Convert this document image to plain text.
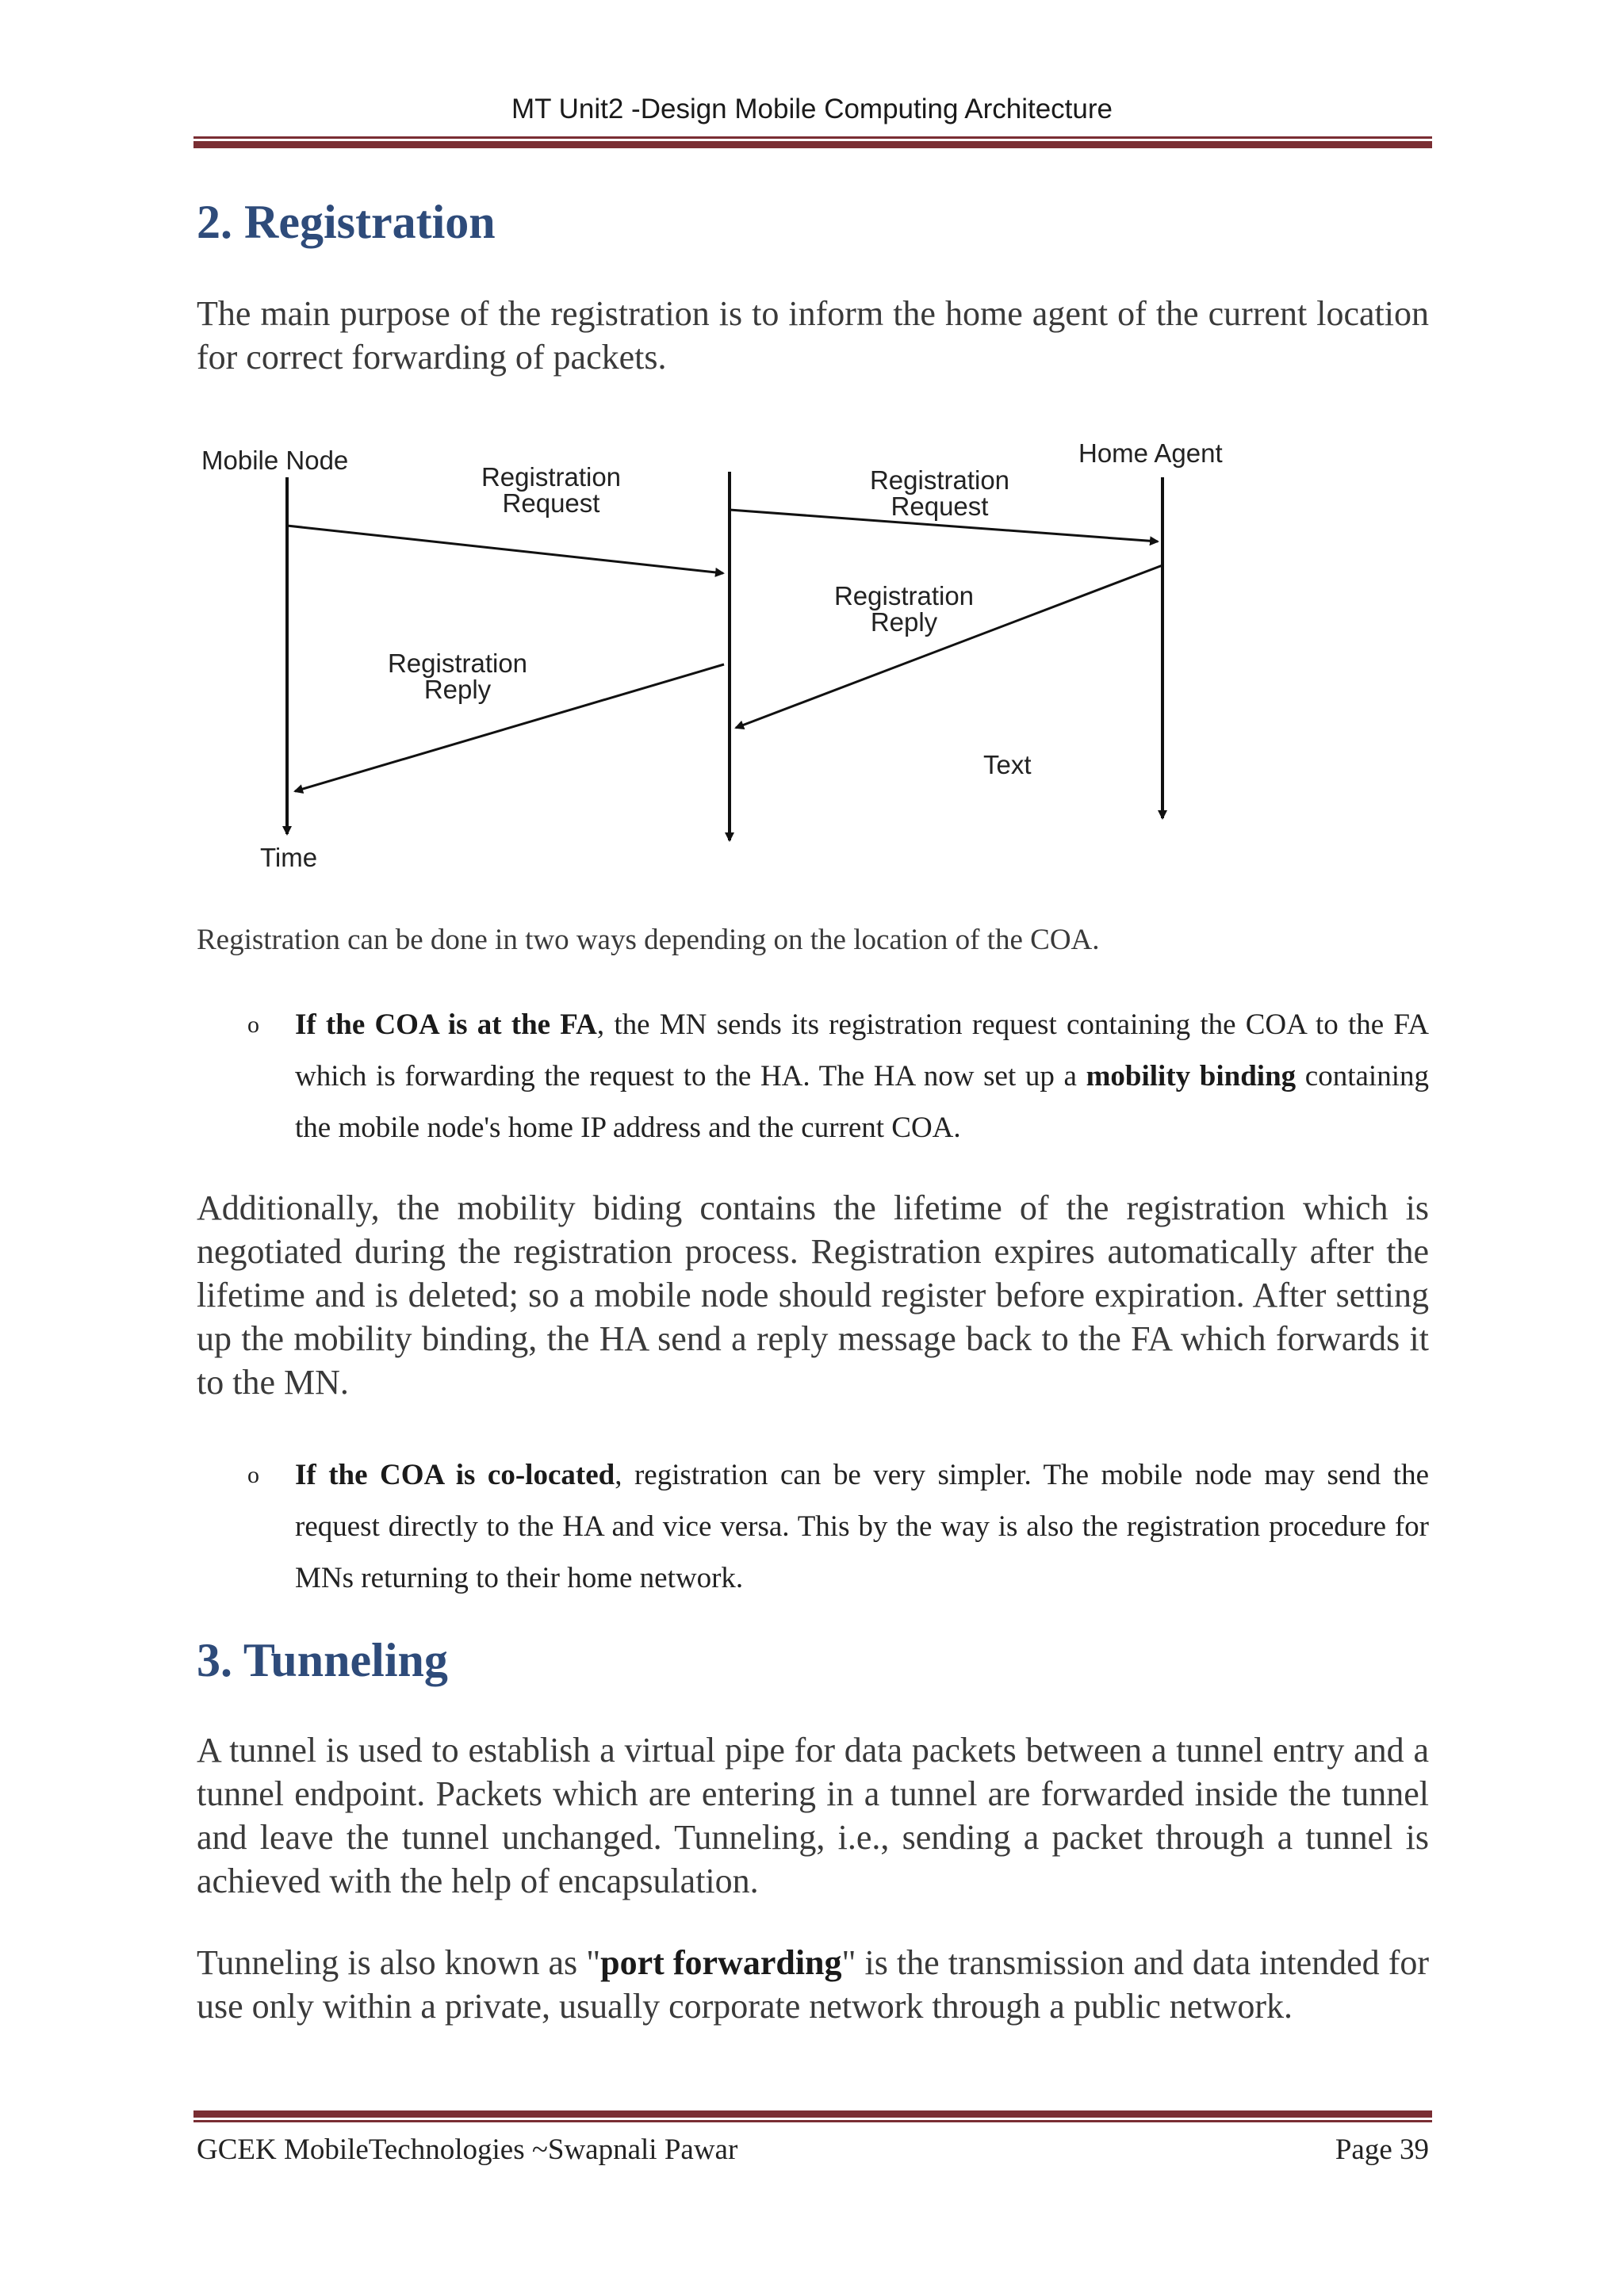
MT Unit2 -Design Mobile Computing Architecture
2. Registration

The main purpose of the registration is to inform the home agent of the current location for correct forwarding of packets.

Mobile Node	Home Agent
Registration
Request
Registration
Request
Registration
Reply
Registration
Reply
Text
Time

Registration can be done in two ways depending on the location of the COA.

o If the COA is at the FA, the MN sends its registration request containing the COA to the FA which is forwarding the request to the HA. The HA now set up a mobility binding containing the mobile node's home IP address and the current COA.

Additionally, the mobility biding contains the lifetime of the registration which is negotiated during the registration process. Registration expires automatically after the lifetime and is deleted; so a mobile node should register before expiration. After setting up the mobility binding, the HA send a reply message back to the FA which forwards it to the MN.

o If the COA is co-located, registration can be very simpler. The mobile node may send the request directly to the HA and vice versa. This by the way is also the registration procedure for MNs returning to their home network.

3. Tunneling

A tunnel is used to establish a virtual pipe for data packets between a tunnel entry and a tunnel endpoint. Packets which are entering in a tunnel are forwarded inside the tunnel and leave the tunnel unchanged. Tunneling, i.e., sending a packet through a tunnel is achieved with the help of encapsulation.

Tunneling is also known as "port forwarding" is the transmission and data intended for use only within a private, usually corporate network through a public network.

GCEK MobileTechnologies ~Swapnali Pawar	Page 39
